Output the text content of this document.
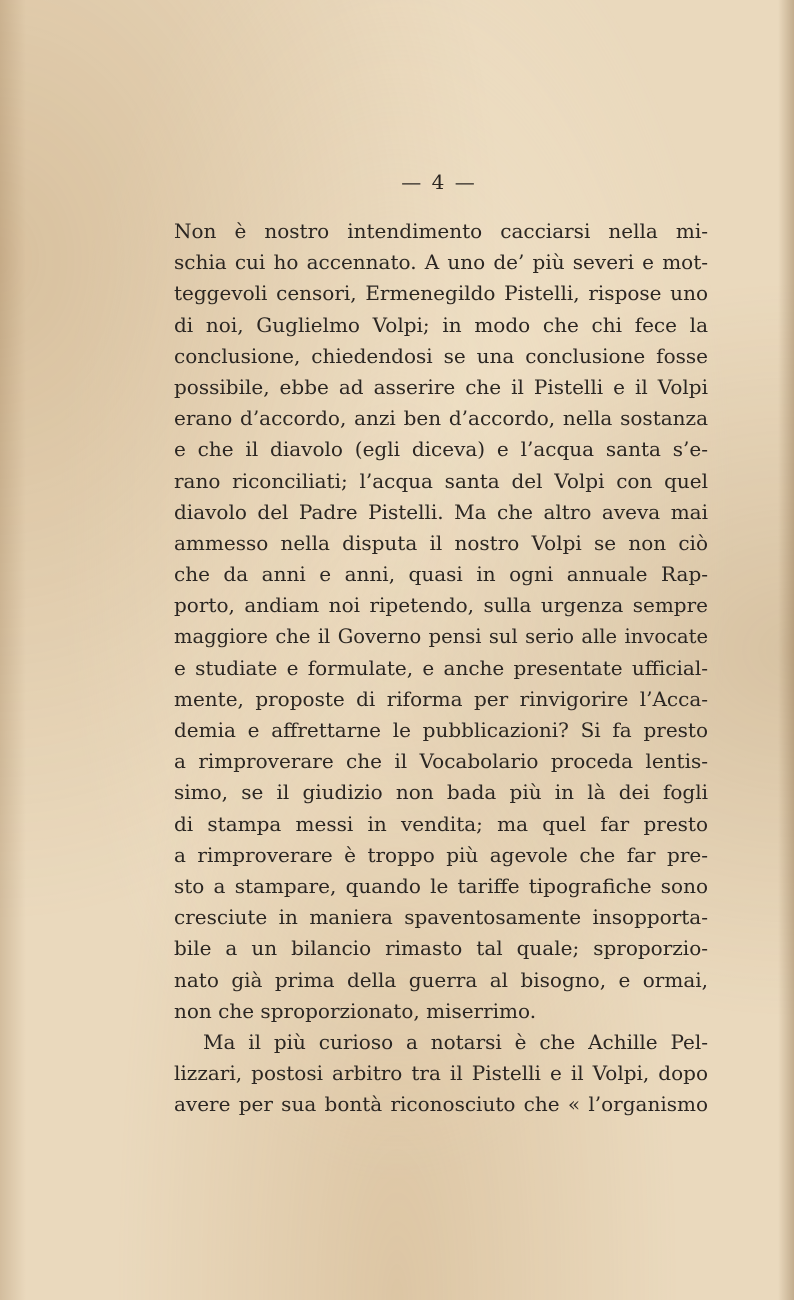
— 4 —
Non è nostro intendimento cacciarsi nella mi-
schia cui ho accennato. A uno de’ più severi e mot-
teggevoli censori, Ermenegildo Pistelli, rispose uno
di noi, Guglielmo Volpi; in modo che chi fece la
conclusione, chiedendosi se una conclusione fosse
possibile, ebbe ad asserire che il Pistelli e il Volpi
erano d’accordo, anzi ben d’accordo, nella sostanza
e che il diavolo (egli diceva) e l’acqua santa s’e-
rano riconciliati; l’acqua santa del Volpi con quel
diavolo del Padre Pistelli. Ma che altro aveva mai
ammesso nella disputa il nostro Volpi se non ciò
che da anni e anni, quasi in ogni annuale Rap-
porto, andiam noi ripetendo, sulla urgenza sempre
maggiore che il Governo pensi sul serio alle invocate
e studiate e formulate, e anche presentate ufficial-
mente, proposte di riforma per rinvigorire l’Acca-
demia e affrettarne le pubblicazioni? Si fa presto
a rimproverare che il Vocabolario proceda lentis-
simo, se il giudizio non bada più in là dei fogli
di stampa messi in vendita; ma quel far presto
a rimproverare è troppo più agevole che far pre-
sto a stampare, quando le tariffe tipografiche sono
cresciute in maniera spaventosamente insopporta-
bile a un bilancio rimasto tal quale; sproporzio-
nato già prima della guerra al bisogno, e ormai,
non che sproporzionato, miserrimo.
Ma il più curioso a notarsi è che Achille Pel-
lizzari, postosi arbitro tra il Pistelli e il Volpi, dopo
avere per sua bontà riconosciuto che « l’organismo
